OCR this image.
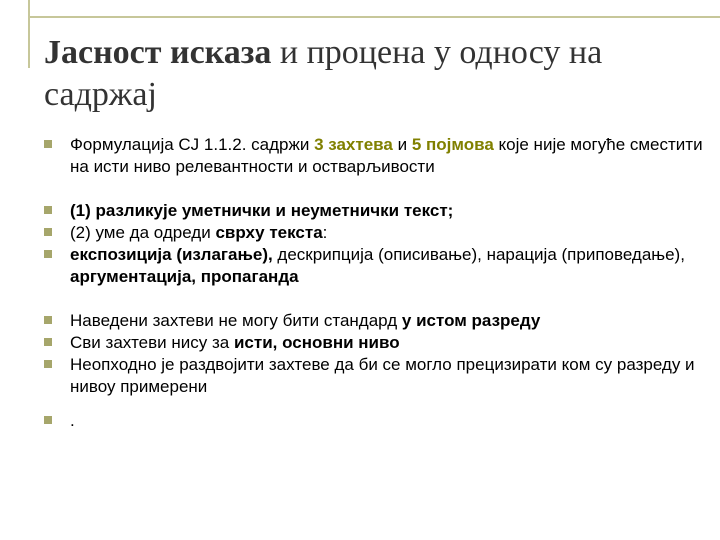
Јасност исказа и процена у односу на садржај
Формулација CJ 1.1.2. садржи 3 захтева и 5 појмова које није могуће сместити на исти ниво релевантности и остварљивости
(1) разликује уметнички и неуметнички текст;
(2) уме да одреди сврху текста:
експозиција (излагање), дескрипција (описивање), нарација (приповедање), аргументација, пропаганда
Наведени захтеви не могу бити стандард у истом разреду
Сви захтеви нису за исти, основни ниво
Неопходно је раздвојити захтеве да би се могло прецизирати ком су разреду и нивоу примерени
.
